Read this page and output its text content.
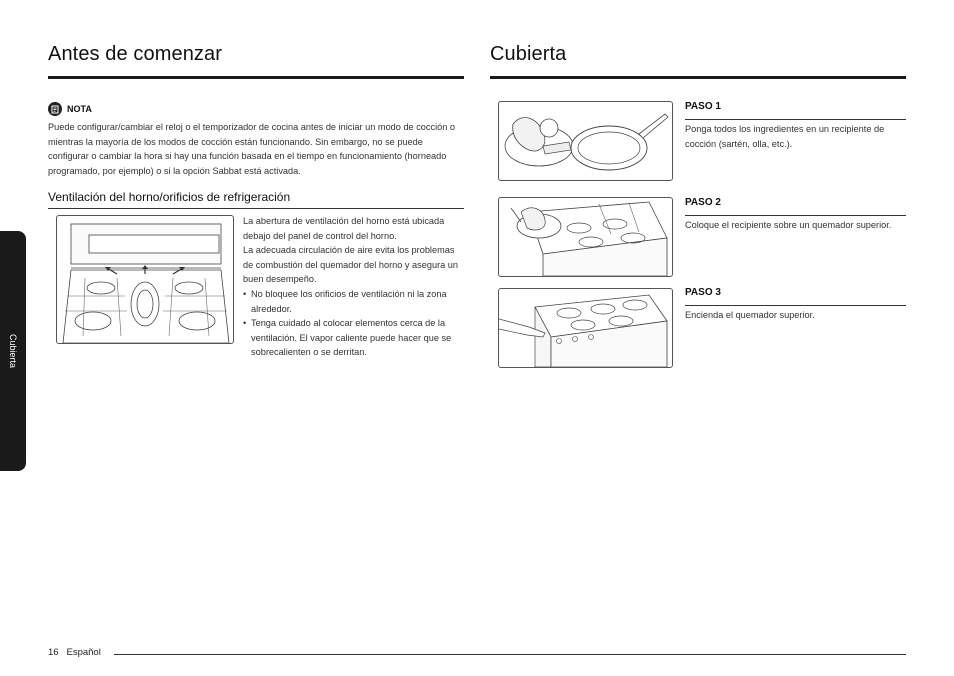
Cubierta
Antes de comenzar
NOTA
Puede configurar/cambiar el reloj o el temporizador de cocina antes de iniciar un modo de cocción o mientras la mayoría de los modos de cocción están funcionando. Sin embargo, no se puede configurar o cambiar la hora si hay una función basada en el tiempo en funcionamiento (horneado programado, por ejemplo) o si la opción Sabbat está activada.
Ventilación del horno/orificios de refrigeración
La abertura de ventilación del horno está ubicada debajo del panel de control del horno.
La adecuada circulación de aire evita los problemas de combustión del quemador del horno y asegura un buen desempeño.
• No bloquee los orificios de ventilación ni la zona alrededor.
• Tenga cuidado al colocar elementos cerca de la ventilación. El vapor caliente puede hacer que se sobrecalienten o se derritan.
Cubierta
PASO 1
Ponga todos los ingredientes en un recipiente de cocción (sartén, olla, etc.).
PASO 2
Coloque el recipiente sobre un quemador superior.
PASO 3
Encienda el quemador superior.
16 Español
